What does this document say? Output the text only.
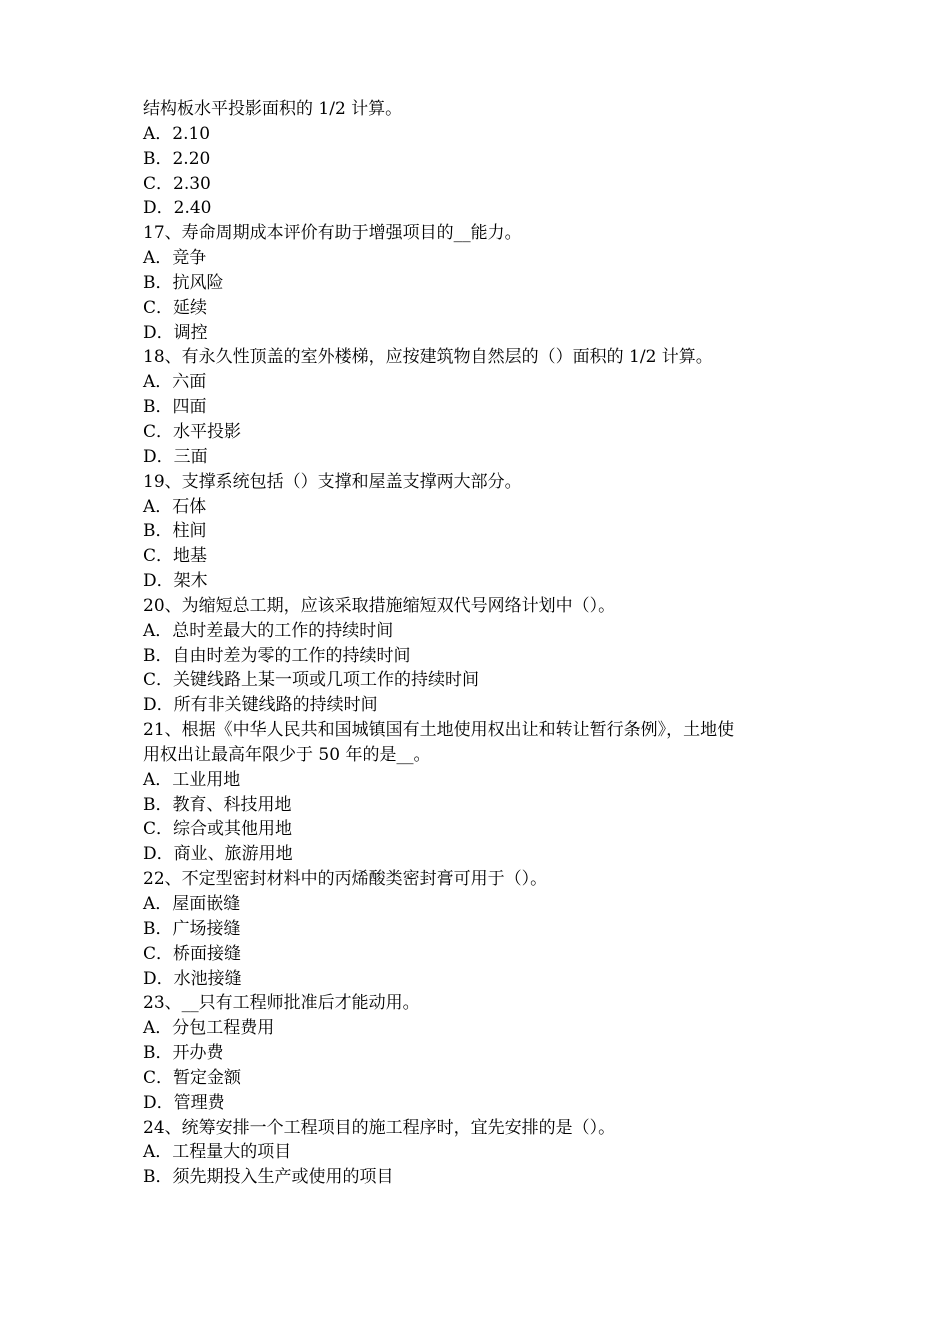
结构板水平投影面积的 1/2 计算。
A．2.10
B．2.20
C．2.30
D．2.40
17、寿命周期成本评价有助于增强项目的__能力。
A．竞争
B．抗风险
C．延续
D．调控
18、有永久性顶盖的室外楼梯，应按建筑物自然层的（）面积的 1/2 计算。
A．六面
B．四面
C．水平投影
D．三面
19、支撑系统包括（）支撑和屋盖支撑两大部分。
A．石体
B．柱间
C．地基
D．架木
20、为缩短总工期，应该采取措施缩短双代号网络计划中（）。
A．总时差最大的工作的持续时间
B．自由时差为零的工作的持续时间
C．关键线路上某一项或几项工作的持续时间
D．所有非关键线路的持续时间
21、根据《中华人民共和国城镇国有土地使用权出让和转让暂行条例》，土地使
用权出让最高年限少于 50 年的是__。
A．工业用地
B．教育、科技用地
C．综合或其他用地
D．商业、旅游用地
22、不定型密封材料中的丙烯酸类密封膏可用于（）。
A．屋面嵌缝
B．广场接缝
C．桥面接缝
D．水池接缝
23、__只有工程师批准后才能动用。
A．分包工程费用
B．开办费
C．暂定金额
D．管理费
24、统筹安排一个工程项目的施工程序时，宜先安排的是（）。
A．工程量大的项目
B．须先期投入生产或使用的项目
